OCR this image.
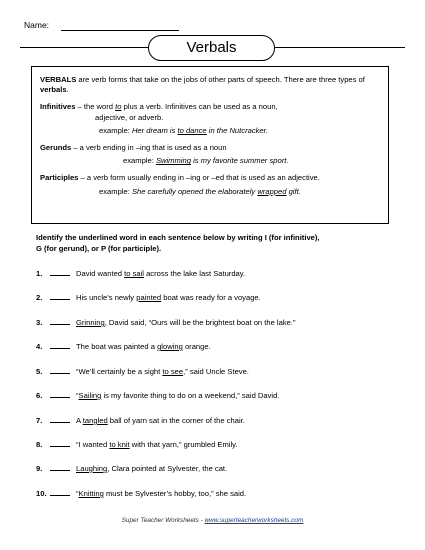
Name:
Verbals

VERBALS are verb forms that take on the jobs of other parts of speech. There are three types of verbals.

Infinitives – the word to plus a verb. Infinitives can be used as a noun,

adjective, or adverb.

example: Her dream is to dance in the Nutcracker.

Gerunds – a verb ending in –ing that is used as a noun

example: Swimming is my favorite summer sport.

Participles – a verb form usually ending in –ing or –ed that is used as an adjective.

example: She carefully opened the elaborately wrapped gift.

Identify the underlined word in each sentence below by writing I (for infinitive),
G (for gerund), or P (for participle).
1.	David wanted to sail across the lake last Saturday.
2.	His uncle’s newly painted boat was ready for a voyage.
3.	Grinning, David said, “Ours will be the brightest boat on the lake.”
4.	The boat was painted a glowing orange.
5.	“We’ll certainly be a sight to see,” said Uncle Steve.
6.	“Sailing is my favorite thing to do on a weekend,” said David.
7.	A tangled ball of yarn sat in the corner of the chair.
8.	“I wanted to knit with that yarn,” grumbled Emily.
9.	Laughing, Clara pointed at Sylvester, the cat.
10.	“Knitting must be Sylvester’s hobby, too,” she said.
Super Teacher Worksheets - www.superteacherworksheets.com
